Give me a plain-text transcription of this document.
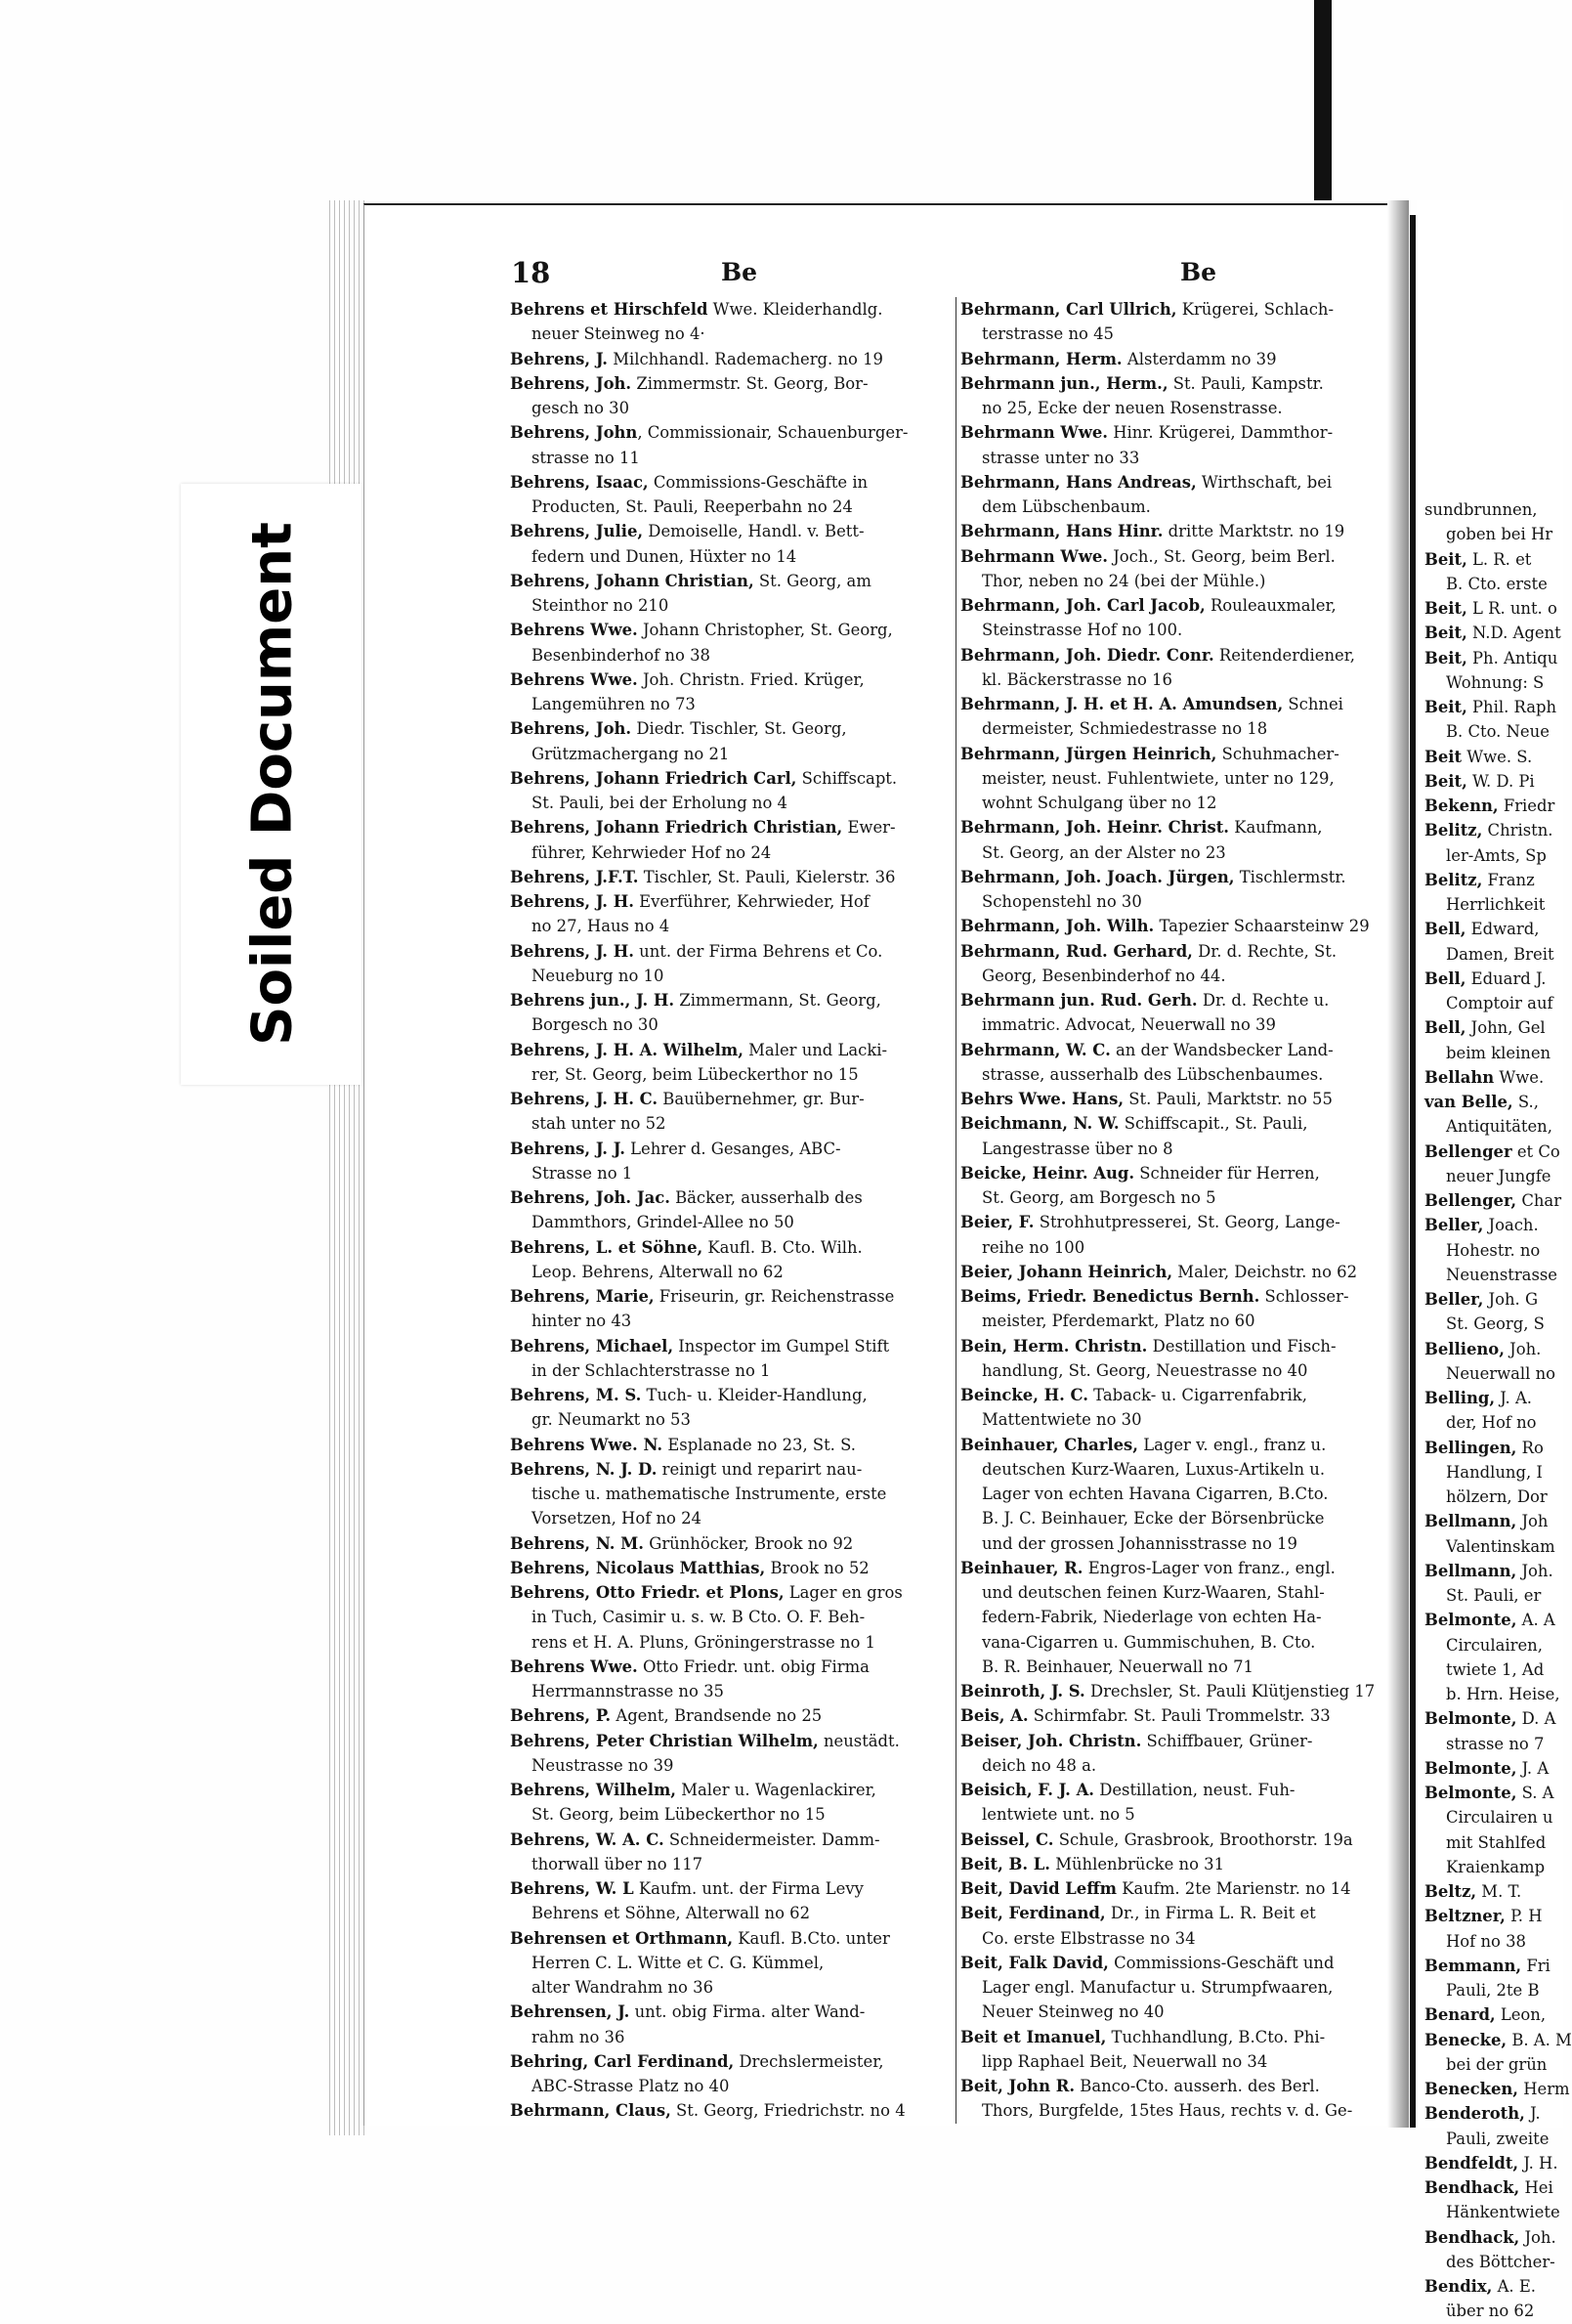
sundbrunnen,
goben bei Hr
Beit, L. R. et
B. Cto. erste
Beit, L R. unt. o
Beit, N.D. Agent
Beit, Ph. Antiqu
Wohnung: S
Beit, Phil. Raph
B. Cto. Neue
Beit Wwe. S.
Beit, W. D. Pi
Bekenn, Friedr
Belitz, Christn.
ler-Amts, Sp
Belitz, Franz
Herrlichkeit
Bell, Edward,
Damen, Breit
Bell, Eduard J.
Comptoir auf
Bell, John, Gel
beim kleinen
Bellahn Wwe.
van Belle, S.,
Antiquitäten,
Bellenger et Co
neuer Jungfe
Bellenger, Char
Beller, Joach.
Hohestr. no
Neuenstrasse
Beller, Joh. G
St. Georg, S
Bellieno, Joh.
Neuerwall no
Belling, J. A.
der, Hof no
Bellingen, Ro
Handlung, I
hölzern, Dor
Bellmann, Joh
Valentinskam
Bellmann, Joh.
St. Pauli, er
Belmonte, A. A
Circulairen,
twiete 1, Ad
b. Hrn. Heise,
Belmonte, D. A
strasse no 7
Belmonte, J. A
Belmonte, S. A
Circulairen u
mit Stahlfed
Kraienkamp
Beltz, M. T.
Beltzner, P. H
Hof no 38
Bemmann, Fri
Pauli, 2te B
Benard, Leon,
Benecke, B. A. M
bei der grün
Benecken, Herm
Benderoth, J.
Pauli, zweite
Bendfeldt, J. H.
Bendhack, Hei
Hänkentwiete
Bendhack, Joh.
des Böttcher-
Bendix, A. E.
über no 62
18	Be	Be
Behrens et Hirschfeld Wwe. Kleiderhandlg.
neuer Steinweg no 4·
Behrens, J. Milchhandl. Rademacherg. no 19
Behrens, Joh. Zimmermstr. St. Georg, Bor-
gesch no 30
Behrens, John, Commissionair, Schauenburger-
strasse no 11
Behrens, Isaac, Commissions-Geschäfte in
Producten, St. Pauli, Reeperbahn no 24
Behrens, Julie, Demoiselle, Handl. v. Bett-
federn und Dunen, Hüxter no 14
Behrens, Johann Christian, St. Georg, am
Steinthor no 210
Behrens Wwe. Johann Christopher, St. Georg,
Besenbinderhof no 38
Behrens Wwe. Joh. Christn. Fried. Krüger,
Langemühren no 73
Behrens, Joh. Diedr. Tischler, St. Georg,
Grützmachergang no 21
Behrens, Johann Friedrich Carl, Schiffscapt.
St. Pauli, bei der Erholung no 4
Behrens, Johann Friedrich Christian, Ewer-
führer, Kehrwieder Hof no 24
Behrens, J.F.T. Tischler, St. Pauli, Kielerstr. 36
Behrens, J. H. Everführer, Kehrwieder, Hof
no 27, Haus no 4
Behrens, J. H. unt. der Firma Behrens et Co.
Neueburg no 10
Behrens jun., J. H. Zimmermann, St. Georg,
Borgesch no 30
Behrens, J. H. A. Wilhelm, Maler und Lacki-
rer, St. Georg, beim Lübeckerthor no 15
Behrens, J. H. C. Bauübernehmer, gr. Bur-
stah unter no 52
Behrens, J. J. Lehrer d. Gesanges, ABC-
Strasse no 1
Behrens, Joh. Jac. Bäcker, ausserhalb des
Dammthors, Grindel-Allee no 50
Behrens, L. et Söhne, Kaufl. B. Cto. Wilh.
Leop. Behrens, Alterwall no 62
Behrens, Marie, Friseurin, gr. Reichenstrasse
hinter no 43
Behrens, Michael, Inspector im Gumpel Stift
in der Schlachterstrasse no 1
Behrens, M. S. Tuch- u. Kleider-Handlung,
gr. Neumarkt no 53
Behrens Wwe. N. Esplanade no 23, St. S.
Behrens, N. J. D. reinigt und reparirt nau-
tische u. mathematische Instrumente, erste
Vorsetzen, Hof no 24
Behrens, N. M. Grünhöcker, Brook no 92
Behrens, Nicolaus Matthias, Brook no 52
Behrens, Otto Friedr. et Plons, Lager en gros
in Tuch, Casimir u. s. w. B Cto. O. F. Beh-
rens et H. A. Pluns, Gröningerstrasse no 1
Behrens Wwe. Otto Friedr. unt. obig Firma
Herrmannstrasse no 35
Behrens, P. Agent, Brandsende no 25
Behrens, Peter Christian Wilhelm, neustädt.
Neustrasse no 39
Behrens, Wilhelm, Maler u. Wagenlackirer,
St. Georg, beim Lübeckerthor no 15
Behrens, W. A. C. Schneidermeister. Damm-
thorwall über no 117
Behrens, W. L Kaufm. unt. der Firma Levy
Behrens et Söhne, Alterwall no 62
Behrensen et Orthmann, Kaufl. B.Cto. unter
Herren C. L. Witte et C. G. Kümmel,
alter Wandrahm no 36
Behrensen, J. unt. obig Firma. alter Wand-
rahm no 36
Behring, Carl Ferdinand, Drechslermeister,
ABC-Strasse Platz no 40
Behrmann, Claus, St. Georg, Friedrichstr. no 4
Behrmann, Carl Ullrich, Krügerei, Schlach-
terstrasse no 45
Behrmann, Herm. Alsterdamm no 39
Behrmann jun., Herm., St. Pauli, Kampstr.
no 25, Ecke der neuen Rosenstrasse.
Behrmann Wwe. Hinr. Krügerei, Dammthor-
strasse unter no 33
Behrmann, Hans Andreas, Wirthschaft, bei
dem Lübschenbaum.
Behrmann, Hans Hinr. dritte Marktstr. no 19
Behrmann Wwe. Joch., St. Georg, beim Berl.
Thor, neben no 24 (bei der Mühle.)
Behrmann, Joh. Carl Jacob, Rouleauxmaler,
Steinstrasse Hof no 100.
Behrmann, Joh. Diedr. Conr. Reitenderdiener,
kl. Bäckerstrasse no 16
Behrmann, J. H. et H. A. Amundsen, Schnei
dermeister, Schmiedestrasse no 18
Behrmann, Jürgen Heinrich, Schuhmacher-
meister, neust. Fuhlentwiete, unter no 129,
wohnt Schulgang über no 12
Behrmann, Joh. Heinr. Christ. Kaufmann,
St. Georg, an der Alster no 23
Behrmann, Joh. Joach. Jürgen, Tischlermstr.
Schopenstehl no 30
Behrmann, Joh. Wilh. Tapezier Schaarsteinw 29
Behrmann, Rud. Gerhard, Dr. d. Rechte, St.
Georg, Besenbinderhof no 44.
Behrmann jun. Rud. Gerh. Dr. d. Rechte u.
immatric. Advocat, Neuerwall no 39
Behrmann, W. C. an der Wandsbecker Land-
strasse, ausserhalb des Lübschenbaumes.
Behrs Wwe. Hans, St. Pauli, Marktstr. no 55
Beichmann, N. W. Schiffscapit., St. Pauli,
Langestrasse über no 8
Beicke, Heinr. Aug. Schneider für Herren,
St. Georg, am Borgesch no 5
Beier, F. Strohhutpresserei, St. Georg, Lange-
reihe no 100
Beier, Johann Heinrich, Maler, Deichstr. no 62
Beims, Friedr. Benedictus Bernh. Schlosser-
meister, Pferdemarkt, Platz no 60
Bein, Herm. Christn. Destillation und Fisch-
handlung, St. Georg, Neuestrasse no 40
Beincke, H. C. Taback- u. Cigarrenfabrik,
Mattentwiete no 30
Beinhauer, Charles, Lager v. engl., franz u.
deutschen Kurz-Waaren, Luxus-Artikeln u.
Lager von echten Havana Cigarren, B.Cto.
B. J. C. Beinhauer, Ecke der Börsenbrücke
und der grossen Johannisstrasse no 19
Beinhauer, R. Engros-Lager von franz., engl.
und deutschen feinen Kurz-Waaren, Stahl-
federn-Fabrik, Niederlage von echten Ha-
vana-Cigarren u. Gummischuhen, B. Cto.
B. R. Beinhauer, Neuerwall no 71
Beinroth, J. S. Drechsler, St. Pauli Klütjenstieg 17
Beis, A. Schirmfabr. St. Pauli Trommelstr. 33
Beiser, Joh. Christn. Schiffbauer, Grüner-
deich no 48 a.
Beisich, F. J. A. Destillation, neust. Fuh-
lentwiete unt. no 5
Beissel, C. Schule, Grasbrook, Broothorstr. 19a
Beit, B. L. Mühlenbrücke no 31
Beit, David Leffm Kaufm. 2te Marienstr. no 14
Beit, Ferdinand, Dr., in Firma L. R. Beit et
Co. erste Elbstrasse no 34
Beit, Falk David, Commissions-Geschäft und
Lager engl. Manufactur u. Strumpfwaaren,
Neuer Steinweg no 40
Beit et Imanuel, Tuchhandlung, B.Cto. Phi-
lipp Raphael Beit, Neuerwall no 34
Beit, John R. Banco-Cto. ausserh. des Berl.
Thors, Burgfelde, 15tes Haus, rechts v. d. Ge-
Soiled Document
